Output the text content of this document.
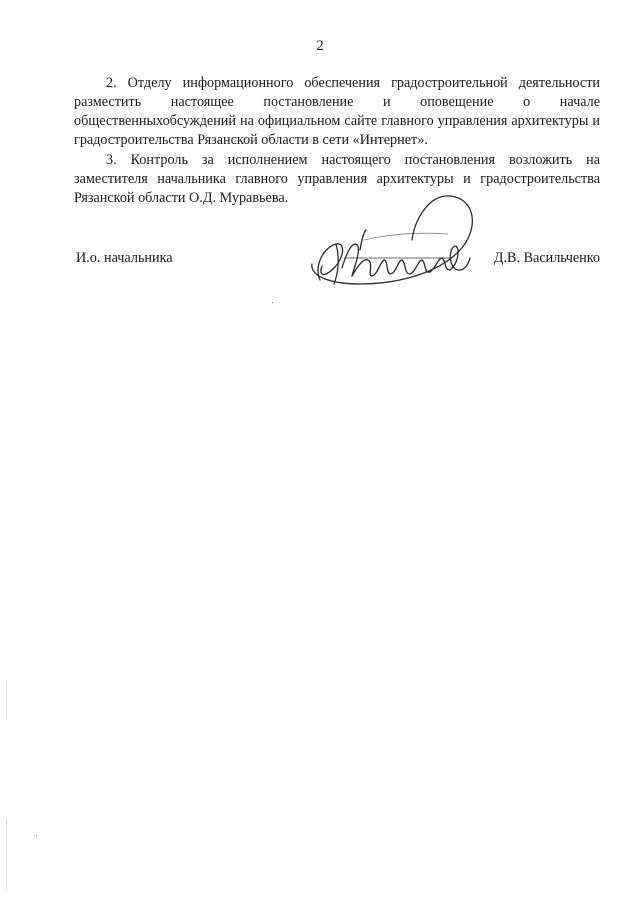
2

2. Отделу информационного обеспечения градостроительной деятельности разместить настоящее постановление и оповещение о начале общественныхобсуждений на официальном сайте главного управления архитектуры и градостроительства Рязанской области в сети «Интернет».

3. Контроль за исполнением настоящего постановления возложить на заместителя начальника главного управления архитектуры и градостроительства Рязанской области О.Д. Муравьева.

И.о. начальника	Д.В. Васильченко
